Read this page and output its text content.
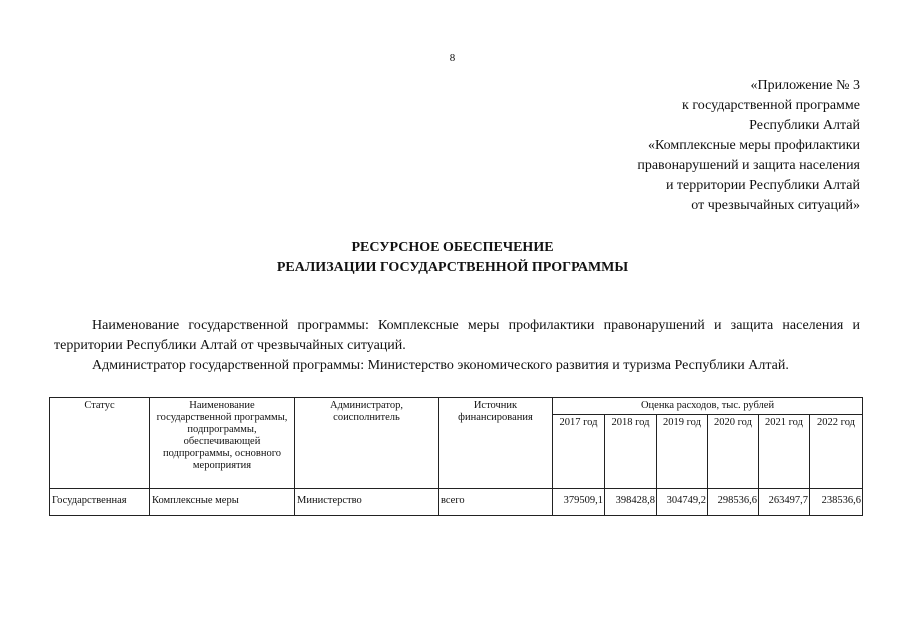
8
«Приложение № 3
к государственной программе
Республики Алтай
«Комплексные меры профилактики
правонарушений и защита населения
и территории Республики Алтай
от чрезвычайных ситуаций»
РЕСУРСНОЕ ОБЕСПЕЧЕНИЕ
РЕАЛИЗАЦИИ ГОСУДАРСТВЕННОЙ ПРОГРАММЫ

Наименование государственной программы: Комплексные меры профилактики правонарушений и защита населения и территории Республики Алтай от чрезвычайных ситуаций.

Администратор государственной программы: Министерство экономического развития и туризма Республики Алтай.

Статус	Наименование государственной программы, подпрограммы, обеспечивающей подпрограммы, основного мероприятия	Администратор, соисполнитель	Источник финансирования	Оценка расходов, тыс. рублей					
				2017 год	2018 год	2019 год	2020 год	2021 год	2022 год
Государственная	Комплексные меры	Министерство	всего	379509,1	398428,8	304749,2	298536,6	263497,7	238536,6
